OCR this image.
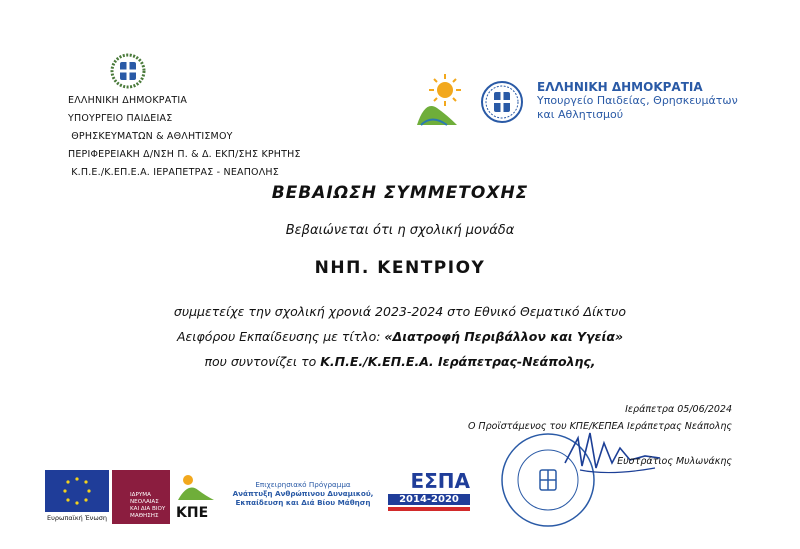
ΕΛΛΗΝΙΚΗ ΔΗΜΟΚΡΑΤΙΑ
ΥΠΟΥΡΓΕΙΟ ΠΑΙΔΕΙΑΣ
ΘΡΗΣΚΕΥΜΑΤΩΝ & ΑΘΛΗΤΙΣΜΟΥ
ΠΕΡΙΦΕΡΕΙΑΚΗ Δ/ΝΣΗ Π. & Δ. ΕΚΠ/ΣΗΣ ΚΡΗΤΗΣ
Κ.Π.Ε./Κ.ΕΠ.Ε.Α. ΙΕΡΑΠΕΤΡΑΣ - ΝΕΑΠΟΛΗΣ
ΕΛΛΗΝΙΚΗ ΔΗΜΟΚΡΑΤΙΑ
Υπουργείο Παιδείας, Θρησκευμάτων
και Αθλητισμού
ΒΕΒΑΙΩΣΗ ΣΥΜΜΕΤΟΧΗΣ
Βεβαιώνεται ότι η σχολική μονάδα
ΝΗΠ. ΚΕΝΤΡΙΟΥ
συμμετείχε την σχολική χρονιά 2023-2024 στο Εθνικό Θεματικό Δίκτυο
Αειφόρου Εκπαίδευσης με τίτλο: «Διατροφή Περιβάλλον και Υγεία»
που συντονίζει το Κ.Π.Ε./Κ.ΕΠ.Ε.Α. Ιεράπετρας-Νεάπολης,
Ιεράπετρα 05/06/2024
Ο Προϊστάμενος του ΚΠΕ/ΚΕΠΕΑ Ιεράπετρας Νεάπολης
Ευστράτιος Μυλωνάκης
Ευρωπαϊκή Ένωση
ΙΔΡΥΜΑ ΝΕΟΛΑΙΑΣ ΚΑΙ ΔΙΑ ΒΙΟΥ ΜΑΘΗΣΗΣ	ΚΠΕ
Επιχειρησιακό Πρόγραμμα
Ανάπτυξη Ανθρώπινου Δυναμικού,
Εκπαίδευση και Διά Βίου Μάθηση
ΕΣΠΑ
2014-2020
